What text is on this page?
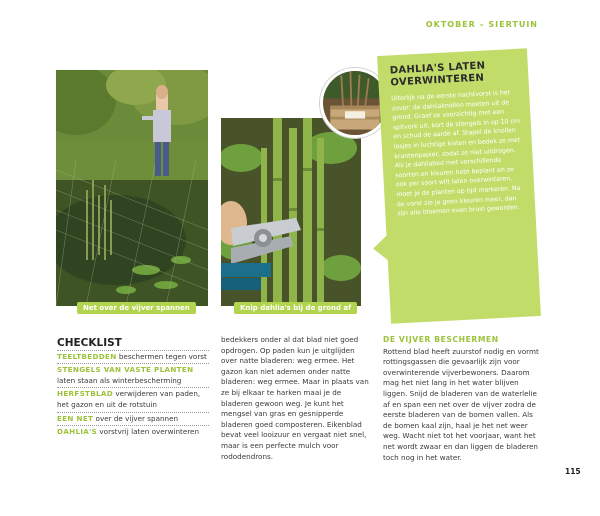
OKTOBER – SIERTUIN
Net over de vijver spannen	Knip dahlia's bij de grond af
DAHLIA'S LATEN
OVERWINTEREN
Uiterlijk na de eerste nachtvorst is het zover: de dahliaknollen moeten uit de grond. Graaf ze voorzichtig met een spitvork uit, kort de stengels in op 10 cm en schud de aarde af. Stapel de knollen losjes in luchtige kisten en bedek ze met krantenpapier, zodat ze niet uitdrogen. Als je dahliabed met verschillende soorten en kleuren hebt beplant en ze ook per soort wilt laten overwinteren, moet je de planten op tijd markeren. Na de vorst zie je geen kleuren meer, dan zijn alle bloemen even bruin geworden.
CHECKLIST
TEELTBEDDEN beschermen tegen vorst
STENGELS VAN VASTE PLANTEN laten staan als winterbescherming
HERFSTBLAD verwijderen van paden, het gazon en uit de rotstuin
EEN NET over de vijver spannen
DAHLIA'S vorstvrij laten overwinteren
bedekkers onder al dat blad niet goed opdrogen. Op paden kun je uitglijden over natte bladeren: weg ermee. Het gazon kan niet ademen onder natte bladeren: weg ermee. Maar in plaats van ze bij elkaar te harken maai je de bladeren gewoon weg. Je kunt het mengsel van gras en gesnipperde bladeren goed composteren. Eikenblad bevat veel looizuur en vergaat niet snel, maar is een perfecte mulch voor rododendrons.
DE VIJVER BESCHERMEN
Rottend blad heeft zuurstof nodig en vormt rottingsgassen die gevaarlijk zijn voor overwinterende vijverbewoners. Daarom mag het niet lang in het water blijven liggen. Snijd de bladeren van de waterlelie af en span een net over de vijver zodra de eerste bladeren van de bomen vallen. Als de bomen kaal zijn, haal je het net weer weg. Wacht niet tot het voorjaar, want het net wordt zwaar en dan liggen de bladeren toch nog in het water.
115
